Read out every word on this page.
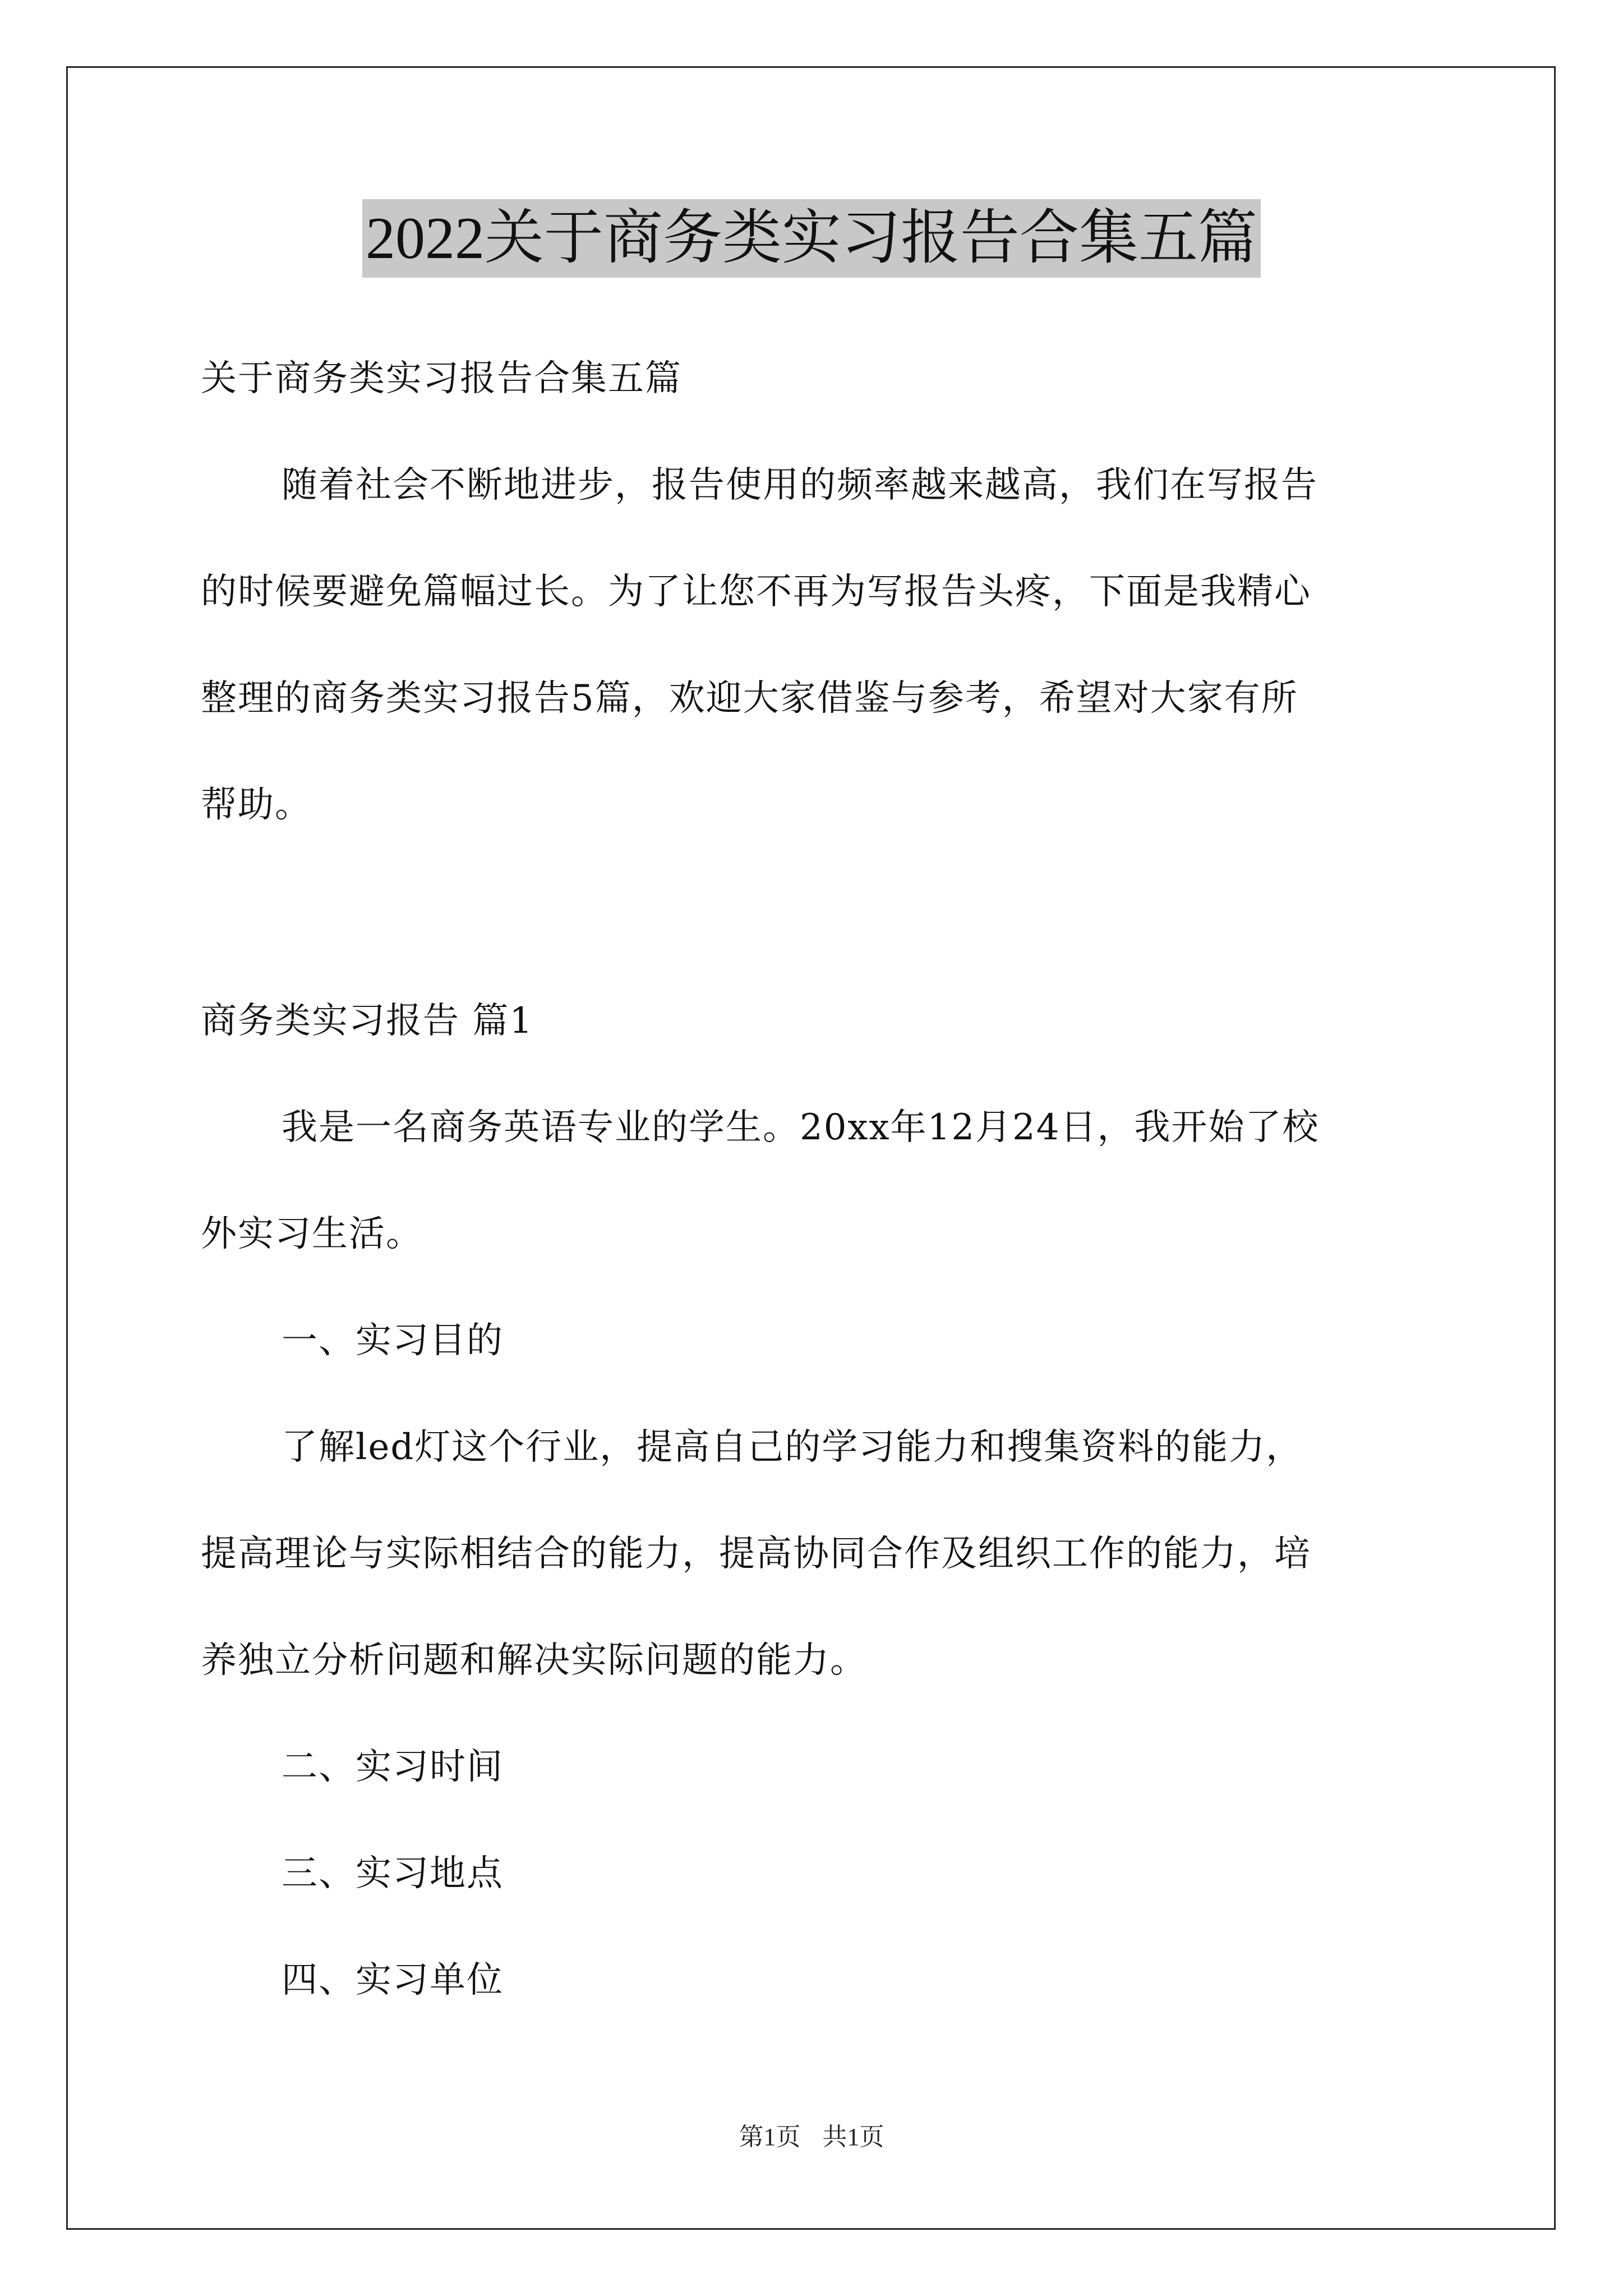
2022关于商务类实习报告合集五篇
关于商务类实习报告合集五篇
随着社会不断地进步，报告使用的频率越来越高，我们在写报告
的时候要避免篇幅过长。为了让您不再为写报告头疼，下面是我精心
整理的商务类实习报告5篇，欢迎大家借鉴与参考，希望对大家有所
帮助。
商务类实习报告 篇1
我是一名商务英语专业的学生。20xx年12月24日，我开始了校
外实习生活。
一、实习目的
了解led灯这个行业，提高自己的学习能力和搜集资料的能力，
提高理论与实际相结合的能力，提高协同合作及组织工作的能力，培
养独立分析问题和解决实际问题的能力。
二、实习时间
三、实习地点
四、实习单位
第1页 共1页
